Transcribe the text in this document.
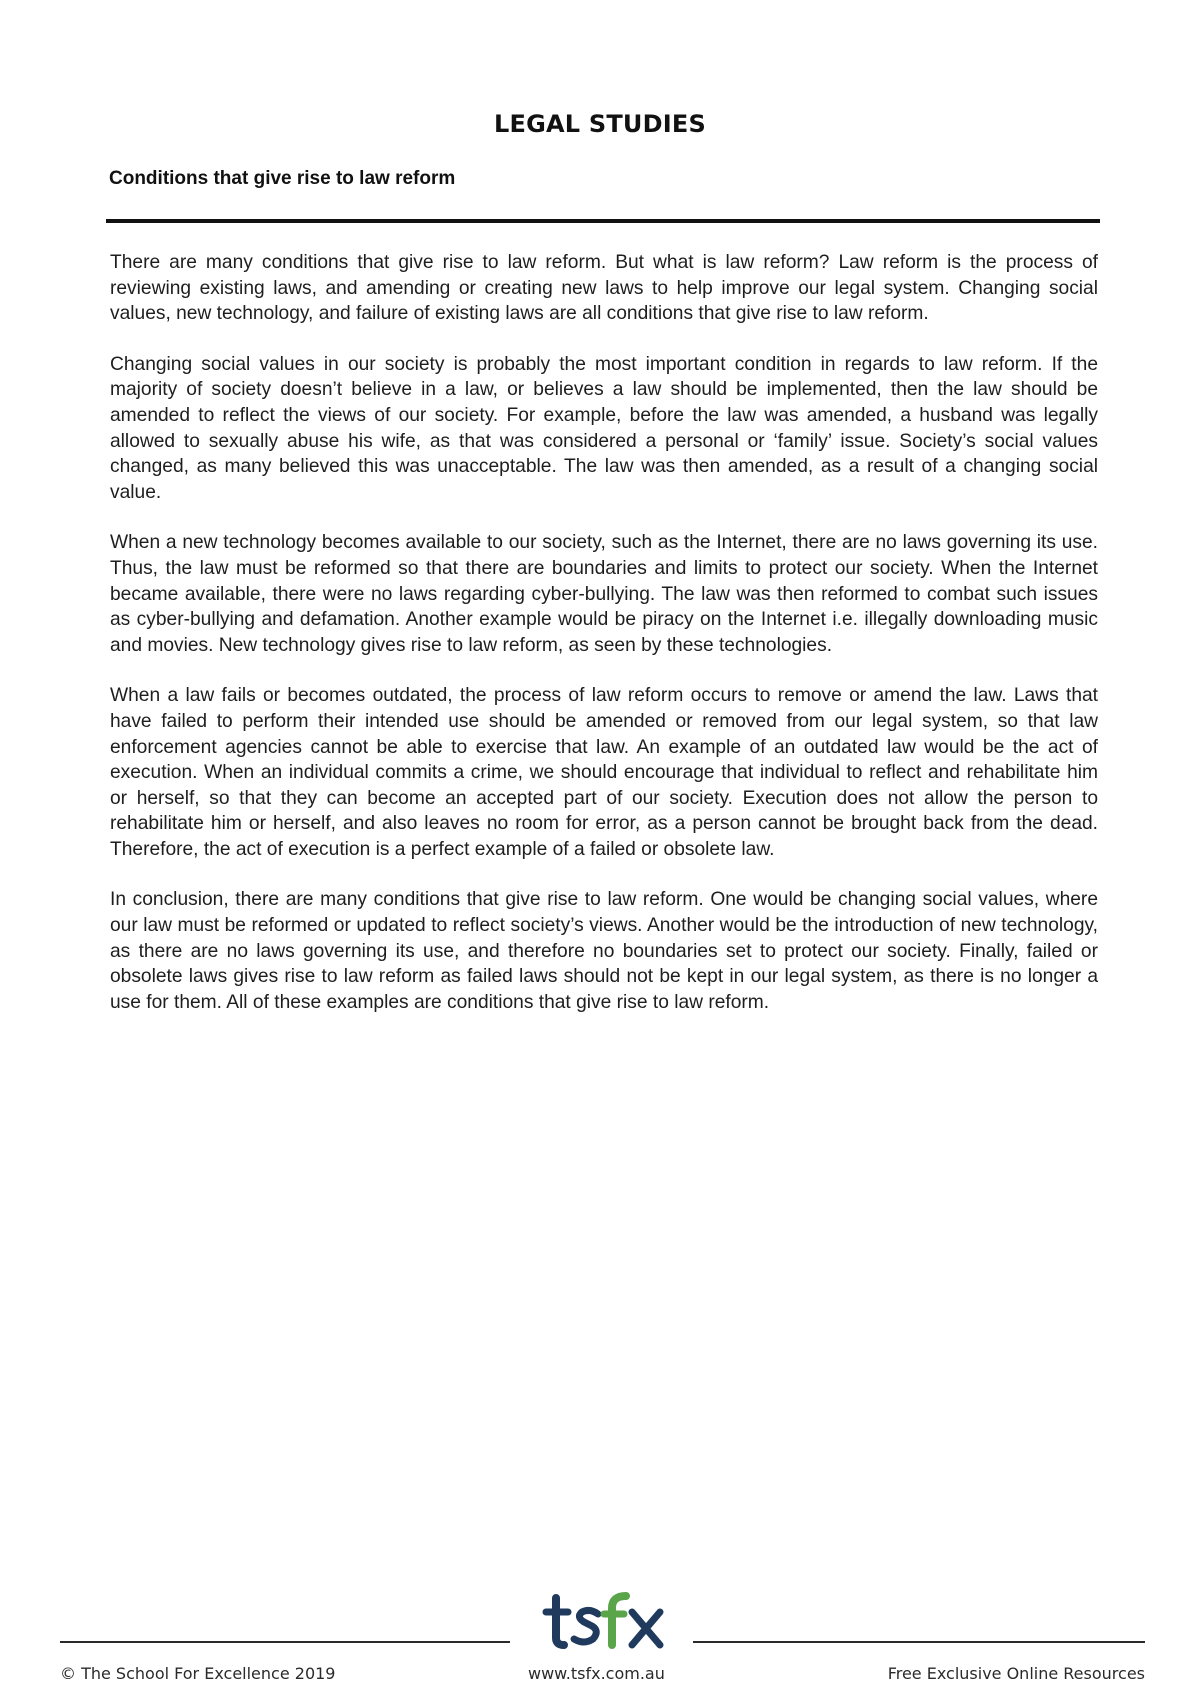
LEGAL STUDIES
Conditions that give rise to law reform

There are many conditions that give rise to law reform. But what is law reform? Law reform is the process of reviewing existing laws, and amending or creating new laws to help improve our legal system. Changing social values, new technology, and failure of existing laws are all conditions that give rise to law reform.

Changing social values in our society is probably the most important condition in regards to law reform. If the majority of society doesn’t believe in a law, or believes a law should be implemented, then the law should be amended to reflect the views of our society. For example, before the law was amended, a husband was legally allowed to sexually abuse his wife, as that was considered a personal or ‘family’ issue. Society’s social values changed, as many believed this was unacceptable. The law was then amended, as a result of a changing social value.

When a new technology becomes available to our society, such as the Internet, there are no laws governing its use. Thus, the law must be reformed so that there are boundaries and limits to protect our society. When the Internet became available, there were no laws regarding cyber-bullying. The law was then reformed to combat such issues as cyber-bullying and defamation. Another example would be piracy on the Internet i.e. illegally downloading music and movies. New technology gives rise to law reform, as seen by these technologies.

When a law fails or becomes outdated, the process of law reform occurs to remove or amend the law. Laws that have failed to perform their intended use should be amended or removed from our legal system, so that law enforcement agencies cannot be able to exercise that law. An example of an outdated law would be the act of execution. When an individual commits a crime, we should encourage that individual to reflect and rehabilitate him or herself, so that they can become an accepted part of our society. Execution does not allow the person to rehabilitate him or herself, and also leaves no room for error, as a person cannot be brought back from the dead. Therefore, the act of execution is a perfect example of a failed or obsolete law.

In conclusion, there are many conditions that give rise to law reform. One would be changing social values, where our law must be reformed or updated to reflect society’s views. Another would be the introduction of new technology, as there are no laws governing its use, and therefore no boundaries set to protect our society. Finally, failed or obsolete laws gives rise to law reform as failed laws should not be kept in our legal system, as there is no longer a use for them. All of these examples are conditions that give rise to law reform.

© The School For Excellence 2019	www.tsfx.com.au	Free Exclusive Online Resources
